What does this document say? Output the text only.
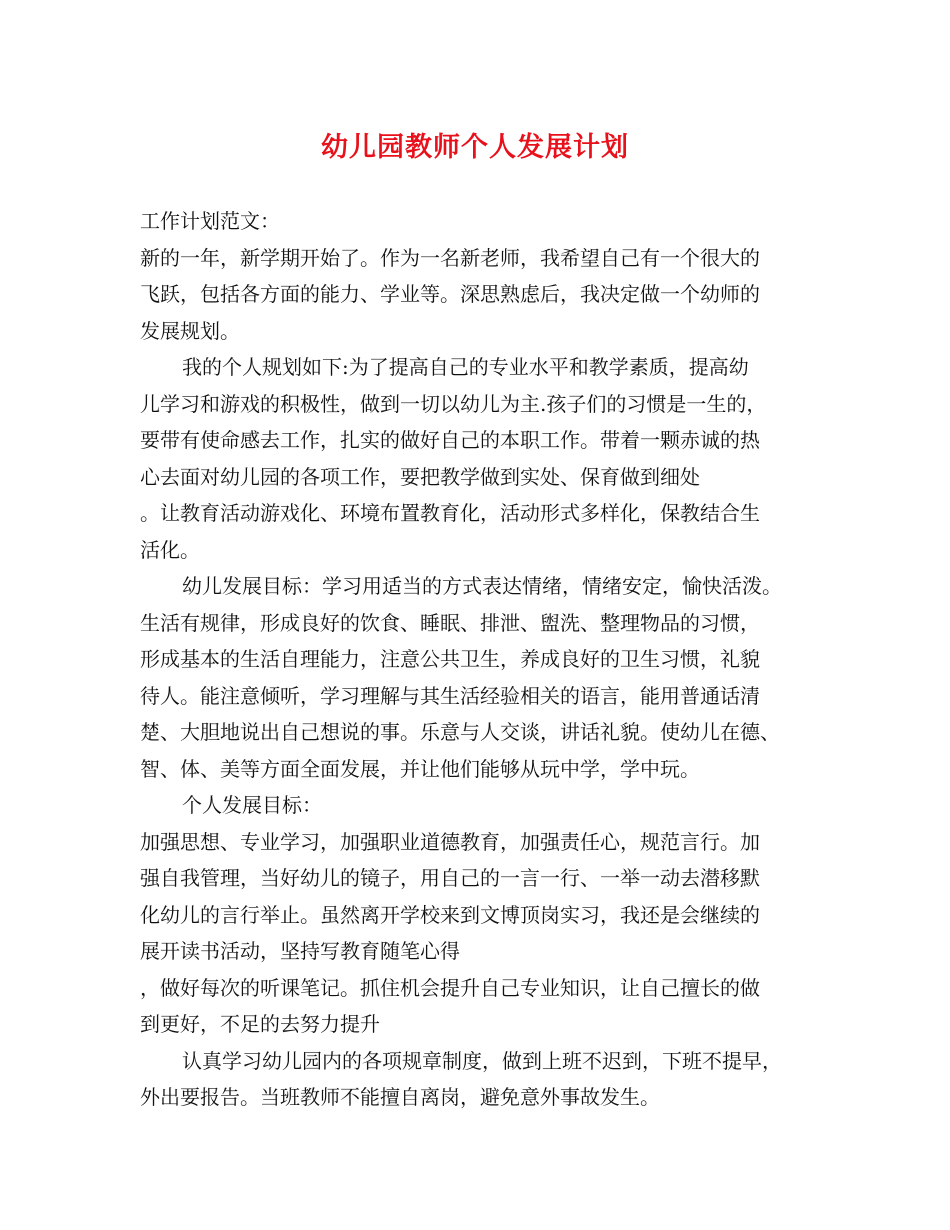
幼儿园教师个人发展计划
工作计划范文：
新的一年，新学期开始了。作为一名新老师，我希望自己有一个很大的
飞跃，包括各方面的能力、学业等。深思熟虑后，我决定做一个幼师的
发展规划。
我的个人规划如下:为了提高自己的专业水平和教学素质，提高幼
儿学习和游戏的积极性，做到一切以幼儿为主.孩子们的习惯是一生的，
要带有使命感去工作，扎实的做好自己的本职工作。带着一颗赤诚的热
心去面对幼儿园的各项工作，要把教学做到实处、保育做到细处
。让教育活动游戏化、环境布置教育化，活动形式多样化，保教结合生
活化。
幼儿发展目标：学习用适当的方式表达情绪，情绪安定，愉快活泼。
生活有规律，形成良好的饮食、睡眠、排泄、盥洗、整理物品的习惯，
形成基本的生活自理能力，注意公共卫生，养成良好的卫生习惯，礼貌
待人。能注意倾听，学习理解与其生活经验相关的语言，能用普通话清
楚、大胆地说出自己想说的事。乐意与人交谈，讲话礼貌。使幼儿在德、
智、体、美等方面全面发展，并让他们能够从玩中学，学中玩。
个人发展目标：
加强思想、专业学习，加强职业道德教育，加强责任心，规范言行。加
强自我管理，当好幼儿的镜子，用自己的一言一行、一举一动去潜移默
化幼儿的言行举止。虽然离开学校来到文博顶岗实习，我还是会继续的
展开读书活动，坚持写教育随笔心得
，做好每次的听课笔记。抓住机会提升自己专业知识，让自己擅长的做
到更好，不足的去努力提升
认真学习幼儿园内的各项规章制度，做到上班不迟到，下班不提早，
外出要报告。当班教师不能擅自离岗，避免意外事故发生。
